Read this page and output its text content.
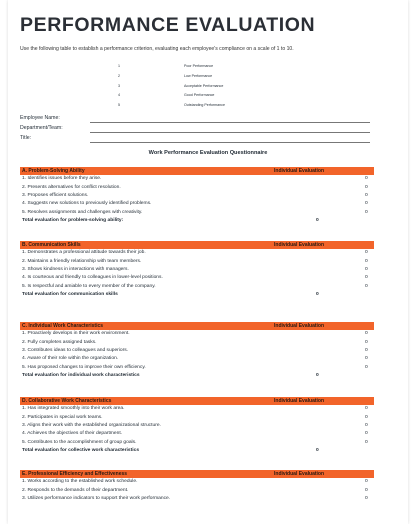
PERFORMANCE EVALUATION
Use the following table to establish a performance criterion, evaluating each employee's compliance on a scale of 1 to 10.
1	Poor Performance
2	Low Performance
3	Acceptable Performance
4	Good Performance
5	Outstanding Performance
Employee Name:
Department/Team:
Title:
Work Performance Evaluation Questionnaire
A. Problem-Solving Ability	Individual Evaluation
1. Identifies issues before they arise.	0
2. Presents alternatives for conflict resolution.	0
3. Proposes efficient solutions.	0
4. Suggests new solutions to previously identified problems.	0
5. Resolves assignments and challenges with creativity.	0
Total evaluation for problem-solving ability:	0
B. Communication Skills	Individual Evaluation
1. Demonstrates a professional attitude towards their job.	0
2. Maintains a friendly relationship with team members.	0
3. Shows kindness in interactions with managers.	0
4. Is courteous and friendly to colleagues in lower-level positions.	0
5. Is respectful and amiable to every member of the company.	0
Total evaluation for communication skills	0
C. Individual Work Characteristics	Individual Evaluation
1. Proactively develops in their work environment.	0
2. Fully completes assigned tasks.	0
3. Contributes ideas to colleagues and superiors.	0
4. Aware of their role within the organization.	0
5. Has proposed changes to improve their own efficiency.	0
Total evaluation for individual work characteristics	0
D. Collaborative Work Characteristics	Individual Evaluation
1. Has integrated smoothly into their work area.	0
2. Participates in special work teams.	0
3. Aligns their work with the established organizational structure.	0
4. Achieves the objectives of their department.	0
5. Contributes to the accomplishment of group goals.	0
Total evaluation for collective work characteristics	0
E. Professional Efficiency and Effectiveness	Individual Evaluation
1. Works according to the established work schedule.	0
2. Responds to the demands of their department.	0
3. Utilizes performance indicators to support their work performance.	0
